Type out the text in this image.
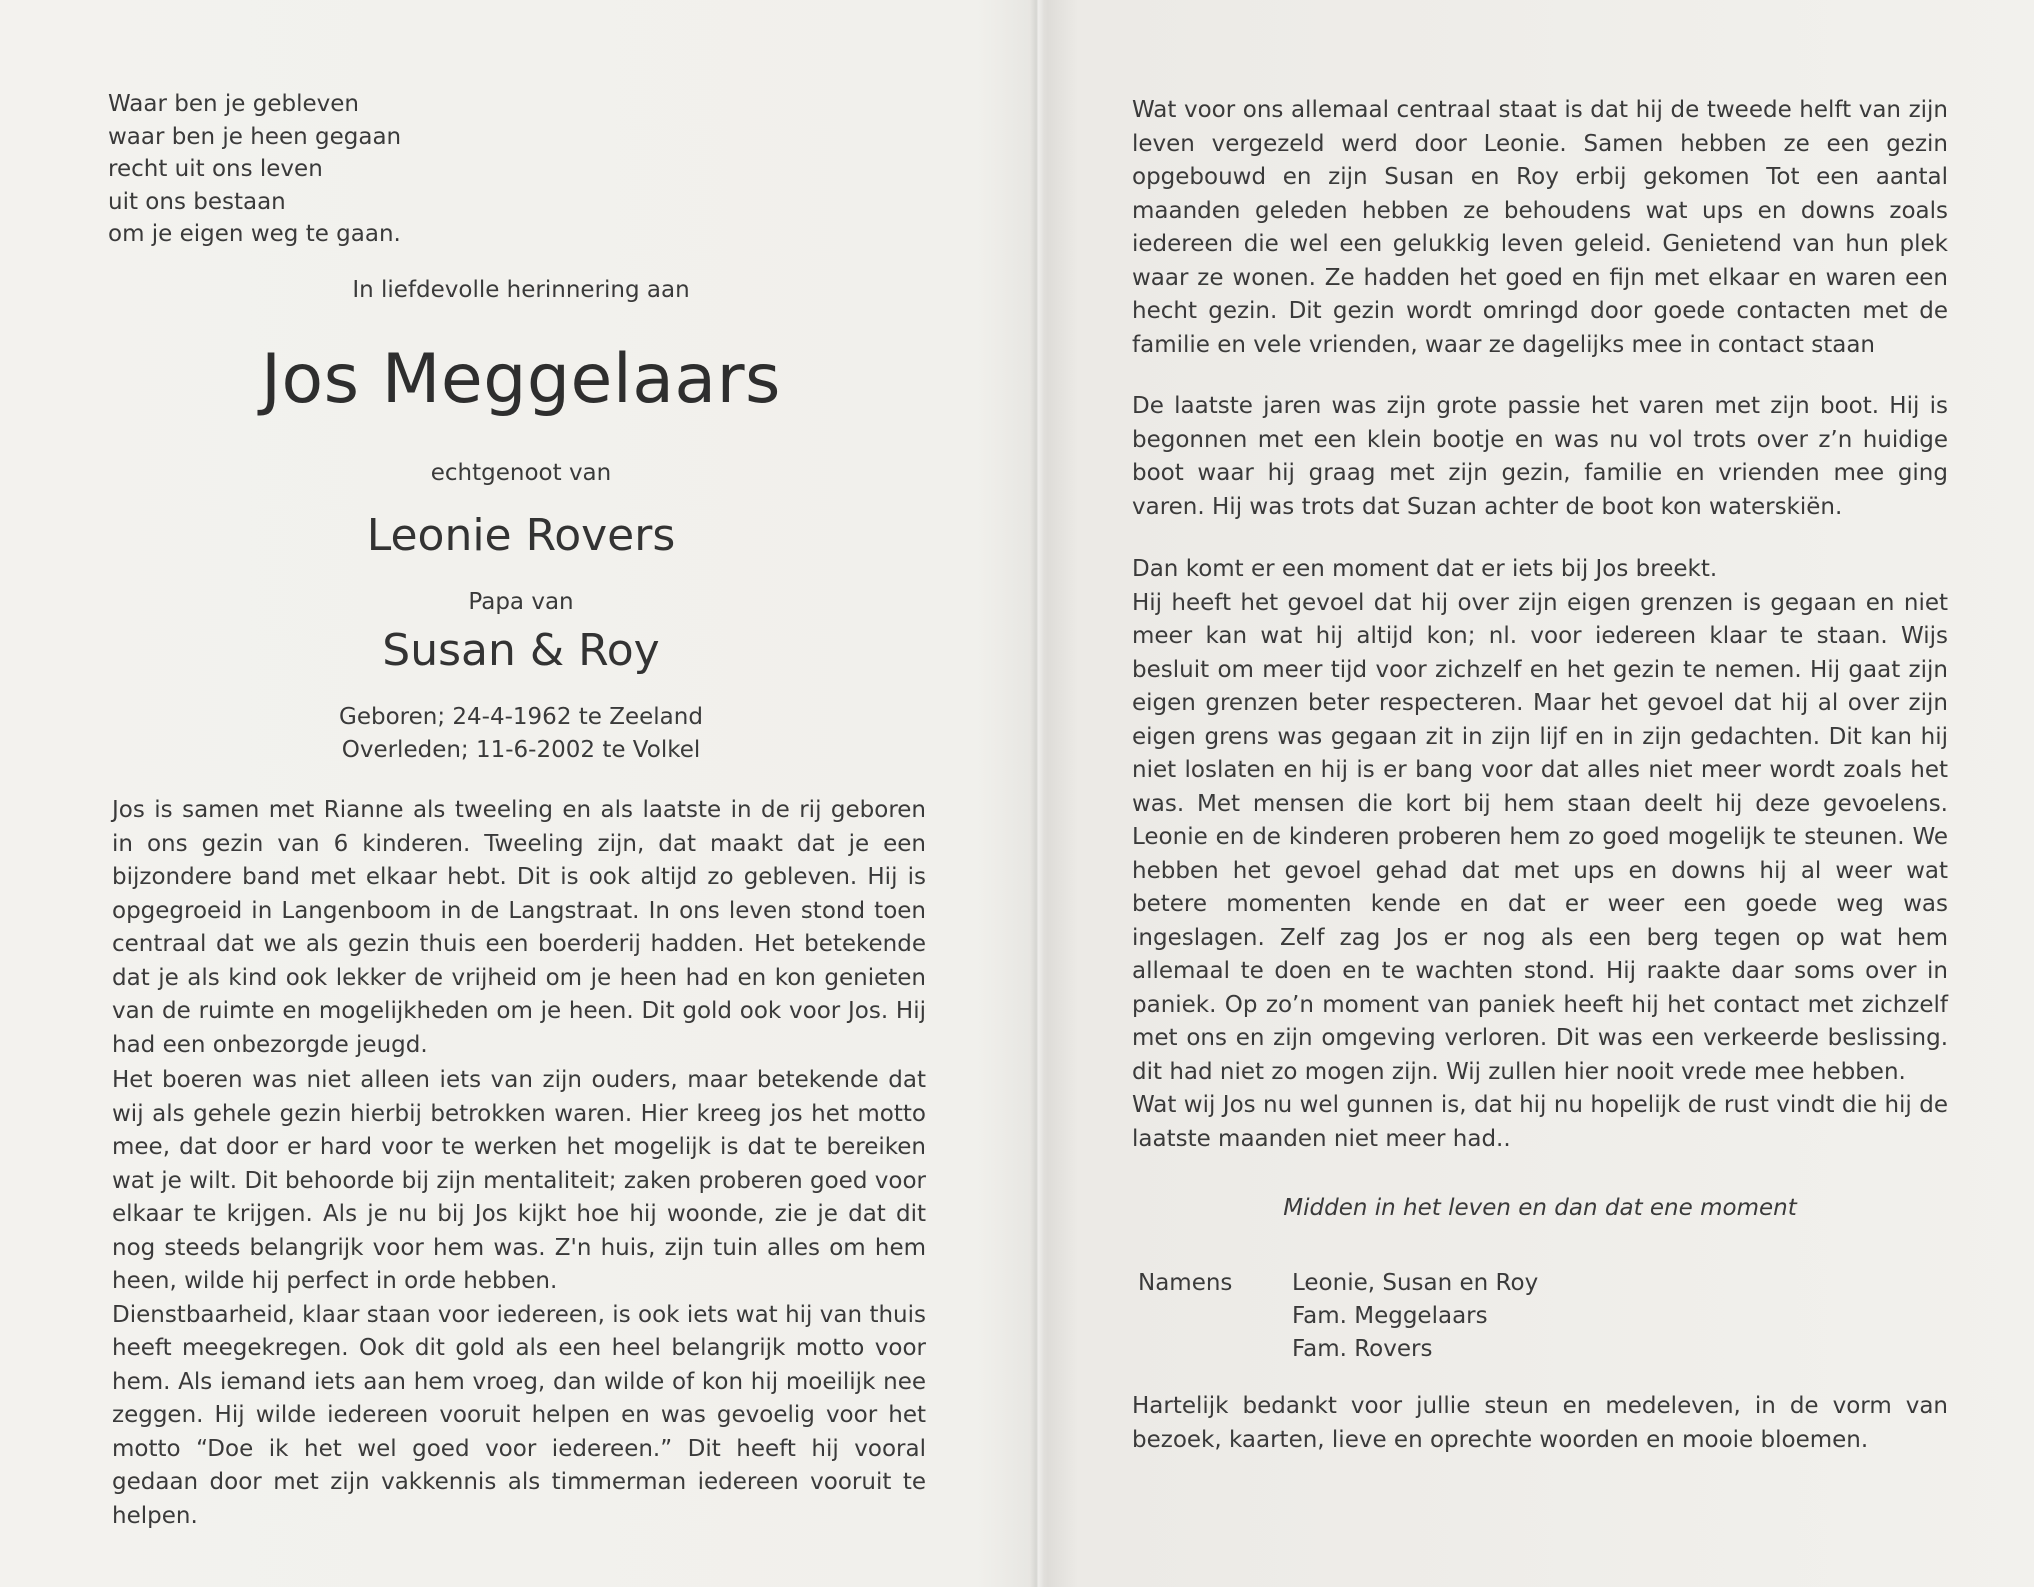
Waar ben je gebleven
waar ben je heen gegaan
recht uit ons leven
uit ons bestaan
om je eigen weg te gaan.

In liefdevolle herinnering aan

Jos Meggelaars

echtgenoot van

Leonie Rovers

Papa van

Susan & Roy

Geboren; 24-4-1962 te Zeeland
Overleden; 11-6-2002 te Volkel

Jos is samen met Rianne als tweeling en als laatste in de rij geboren in ons gezin van 6 kinderen. Tweeling zijn, dat maakt dat je een bijzondere band met elkaar hebt. Dit is ook altijd zo gebleven. Hij is opgegroeid in Langenboom in de Langstraat. In ons leven stond toen centraal dat we als gezin thuis een boerderij hadden. Het betekende dat je als kind ook lekker de vrijheid om je heen had en kon genieten van de ruimte en mogelijkheden om je heen. Dit gold ook voor Jos. Hij had een onbezorgde jeugd.

Het boeren was niet alleen iets van zijn ouders, maar betekende dat wij als gehele gezin hierbij betrokken waren. Hier kreeg jos het motto mee, dat door er hard voor te werken het mogelijk is dat te bereiken wat je wilt. Dit behoorde bij zijn mentaliteit; zaken proberen goed voor elkaar te krijgen. Als je nu bij Jos kijkt hoe hij woonde, zie je dat dit nog steeds belangrijk voor hem was. Z'n huis, zijn tuin alles om hem heen, wilde hij perfect in orde hebben.
Dienstbaarheid, klaar staan voor iedereen, is ook iets wat hij van thuis heeft meegekregen. Ook dit gold als een heel belangrijk motto voor hem. Als iemand iets aan hem vroeg, dan wilde of kon hij moeilijk nee zeggen. Hij wilde iedereen vooruit helpen en was gevoelig voor het motto “Doe ik het wel goed voor iedereen.” Dit heeft hij vooral gedaan door met zijn vakkennis als timmerman iedereen vooruit te helpen.

Wat voor ons allemaal centraal staat is dat hij de tweede helft van zijn leven vergezeld werd door Leonie. Samen hebben ze een gezin opgebouwd en zijn Susan en Roy erbij gekomen Tot een aantal maanden geleden hebben ze behoudens wat ups en downs zoals iedereen die wel een gelukkig leven geleid. Genietend van hun plek waar ze wonen. Ze hadden het goed en fijn met elkaar en waren een hecht gezin. Dit gezin wordt omringd door goede contacten met de familie en vele vrienden, waar ze dagelijks mee in contact staan

De laatste jaren was zijn grote passie het varen met zijn boot. Hij is begonnen met een klein bootje en was nu vol trots over z’n huidige boot waar hij graag met zijn gezin, familie en vrienden mee ging varen. Hij was trots dat Suzan achter de boot kon waterskiën.

Dan komt er een moment dat er iets bij Jos breekt.
Hij heeft het gevoel dat hij over zijn eigen grenzen is gegaan en niet meer kan wat hij altijd kon; nl. voor iedereen klaar te staan. Wijs besluit om meer tijd voor zichzelf en het gezin te nemen. Hij gaat zijn eigen grenzen beter respecteren. Maar het gevoel dat hij al over zijn eigen grens was gegaan zit in zijn lijf en in zijn gedachten. Dit kan hij niet loslaten en hij is er bang voor dat alles niet meer wordt zoals het was. Met mensen die kort bij hem staan deelt hij deze gevoelens. Leonie en de kinderen proberen hem zo goed mogelijk te steunen. We hebben het gevoel gehad dat met ups en downs hij al weer wat betere momenten kende en dat er weer een goede weg was ingeslagen. Zelf zag Jos er nog als een berg tegen op wat hem allemaal te doen en te wachten stond. Hij raakte daar soms over in paniek. Op zo’n moment van paniek heeft hij het contact met zichzelf met ons en zijn omgeving verloren. Dit was een verkeerde beslissing. dit had niet zo mogen zijn. Wij zullen hier nooit vrede mee hebben.
Wat wij Jos nu wel gunnen is, dat hij nu hopelijk de rust vindt die hij de laatste maanden niet meer had..

Midden in het leven en dan dat ene moment

Namens	Leonie, Susan en Roy
Fam. Meggelaars
Fam. Rovers

Hartelijk bedankt voor jullie steun en medeleven, in de vorm van bezoek, kaarten, lieve en oprechte woorden en mooie bloemen.
